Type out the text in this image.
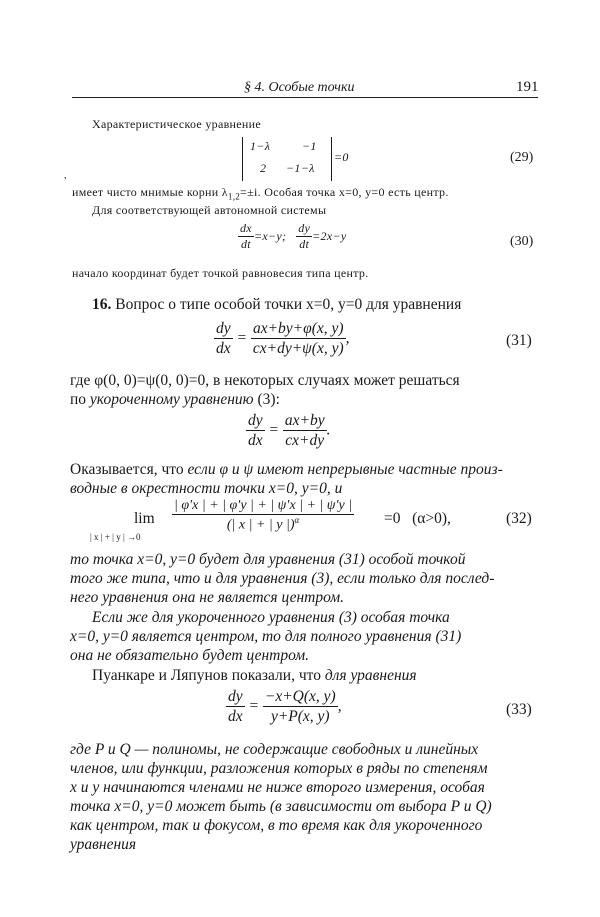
§ 4. Особые точки	191
Характеристическое уравнение
1−λ	−1
2 −1−λ
=0	(29)
,
имеет чисто мнимые корни $\lambda_{1,2}=\pm i$. Особая точка x=0, y=0 есть центр.
Для соответствующей автономной системы
$\frac{dx}{dt} =x-y$; $\frac{dy}{dt} =2x-y$	(30)
начало координат будет точкой равновесия типа центр.
16. Вопрос о типе особой точки x=0, y=0 для уравнения
$\frac{dy}{dx} = \frac{ax+by+\varphi(x, y)}{cx+dy+\psi(x, y)}$ ,	(31)
где φ(0, 0)=ψ(0, 0)=0, в некоторых случаях может решаться
по укороченному уравнению (3):
$\frac{dy}{dx} = \frac{ax+by}{cx+dy}$ .
Оказывается, что если φ и ψ имеют непрерывные частные произ-
водные в окрестности точки x=0, y=0, и
lim
| x | + | y | →0
$\frac{| \varphi'x | + | \varphi'y | + | \psi'x | + | \psi'y |}{(| x | + | y |)^\alpha} =0$   (α>0),	(32)
то точка x=0, y=0 будет для уравнения (31) особой точкой
того же типа, что и для уравнения (3), если только для послед-
него уравнения она не является центром.
Если же для укороченного уравнения (3) особая точка
x=0, y=0 является центром, то для полного уравнения (31)
она не обязательно будет центром.
Пуанкаре и Ляпунов показали, что для уравнения
$\frac{dy}{dx} = \frac{-x+Q(x, y)}{y+P(x, y)}$ ,	(33)
где P и Q — полиномы, не содержащие свободных и линейных
членов, или функции, разложения которых в ряды по степеням
x и y начинаются членами не ниже второго измерения, особая
точка x=0, y=0 может быть (в зависимости от выбора P и Q)
как центром, так и фокусом, в то время как для укороченного
уравнения
